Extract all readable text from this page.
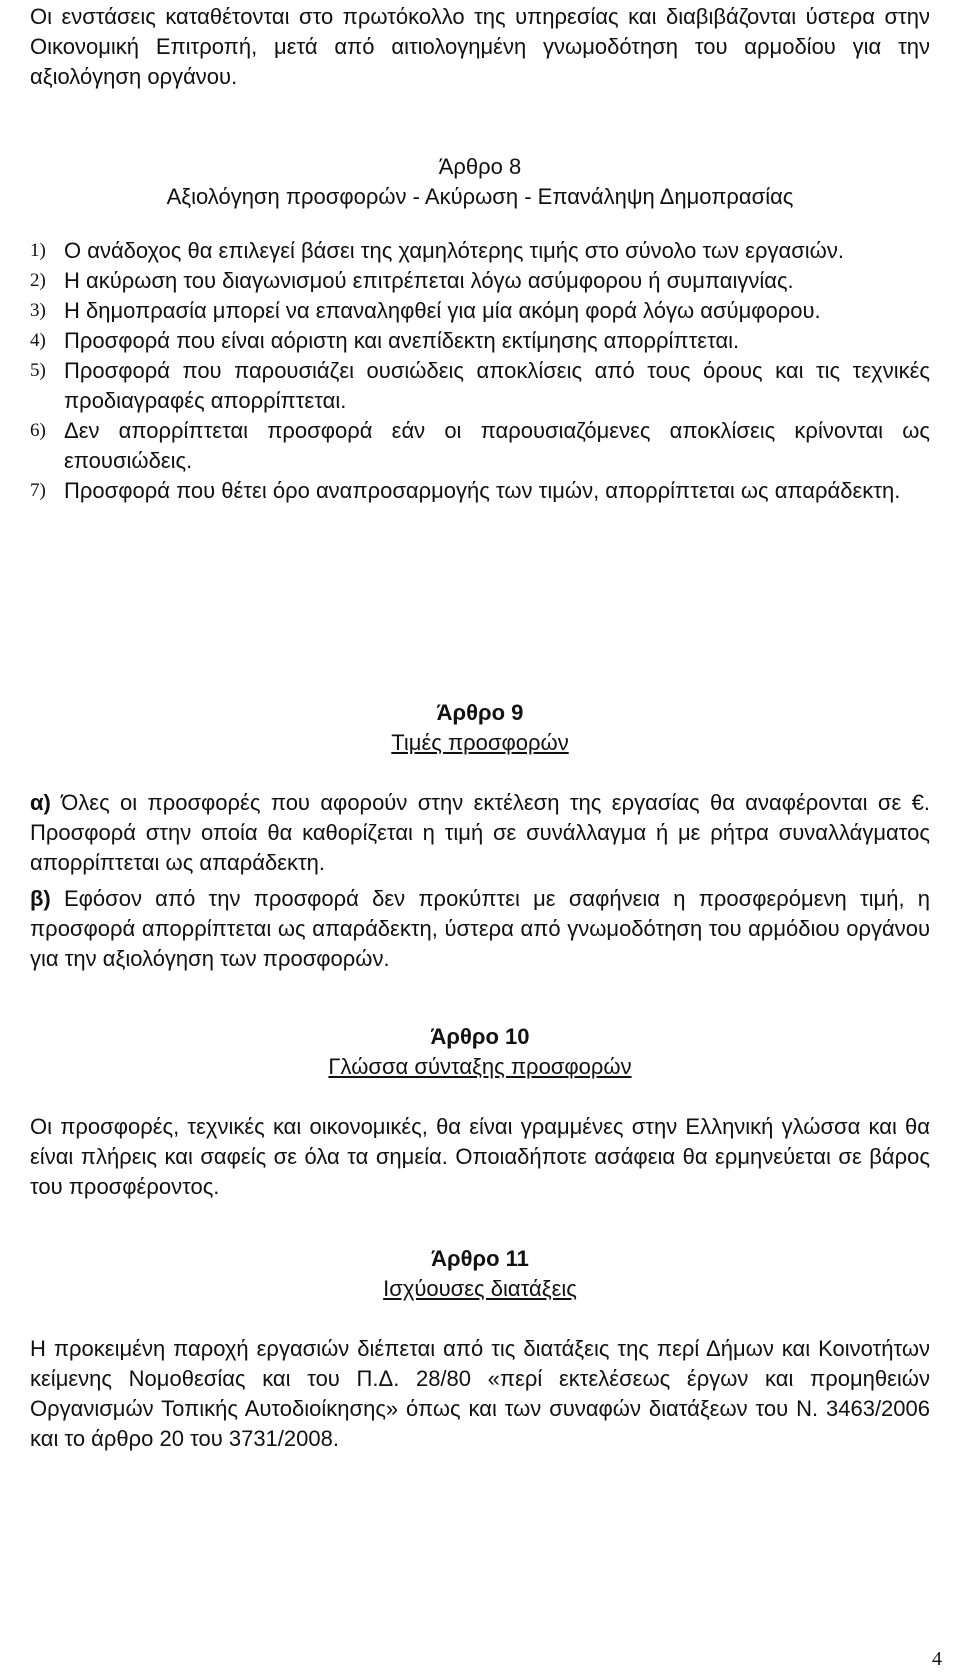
Οι ενστάσεις καταθέτονται στο πρωτόκολλο της υπηρεσίας και διαβιβάζονται ύστερα στην Οικονομική Επιτροπή, μετά από αιτιολογημένη γνωμοδότηση του αρμοδίου για την αξιολόγηση οργάνου.
Άρθρο 8
Αξιολόγηση προσφορών - Ακύρωση - Επανάληψη Δημοπρασίας
1) Ο ανάδοχος θα επιλεγεί βάσει της χαμηλότερης τιμής στο σύνολο των εργασιών.
2) Η ακύρωση του διαγωνισμού επιτρέπεται λόγω ασύμφορου ή συμπαιγνίας.
3) Η δημοπρασία μπορεί να επαναληφθεί για μία ακόμη φορά λόγω ασύμφορου.
4) Προσφορά που είναι αόριστη και ανεπίδεκτη εκτίμησης απορρίπτεται.
5) Προσφορά που παρουσιάζει ουσιώδεις αποκλίσεις από τους όρους και τις τεχνικές προδιαγραφές απορρίπτεται.
6) Δεν απορρίπτεται προσφορά εάν οι παρουσιαζόμενες αποκλίσεις κρίνονται ως επουσιώδεις.
7) Προσφορά που θέτει όρο αναπροσαρμογής των τιμών, απορρίπτεται ως απαράδεκτη.
Άρθρο 9
Τιμές προσφορών
α) Όλες οι προσφορές που αφορούν στην εκτέλεση της εργασίας θα αναφέρονται σε €. Προσφορά στην οποία θα καθορίζεται η τιμή σε συνάλλαγμα ή με ρήτρα συναλλάγματος απορρίπτεται ως απαράδεκτη.
β) Εφόσον από την προσφορά δεν προκύπτει με σαφήνεια η προσφερόμενη τιμή, η προσφορά απορρίπτεται ως απαράδεκτη, ύστερα από γνωμοδότηση του αρμόδιου οργάνου για την αξιολόγηση των προσφορών.
Άρθρο 10
Γλώσσα σύνταξης προσφορών
Οι προσφορές, τεχνικές και οικονομικές, θα είναι γραμμένες στην Ελληνική γλώσσα και θα είναι πλήρεις και σαφείς σε όλα τα σημεία. Οποιαδήποτε ασάφεια θα ερμηνεύεται σε βάρος του προσφέροντος.
Άρθρο 11
Ισχύουσες διατάξεις
Η προκειμένη παροχή εργασιών διέπεται από τις διατάξεις της περί Δήμων και Κοινοτήτων κείμενης Νομοθεσίας και του Π.Δ. 28/80 «περί εκτελέσεως έργων και προμηθειών Οργανισμών Τοπικής Αυτοδιοίκησης» όπως και των συναφών διατάξεων του Ν. 3463/2006 και το άρθρο 20 του 3731/2008.
4
